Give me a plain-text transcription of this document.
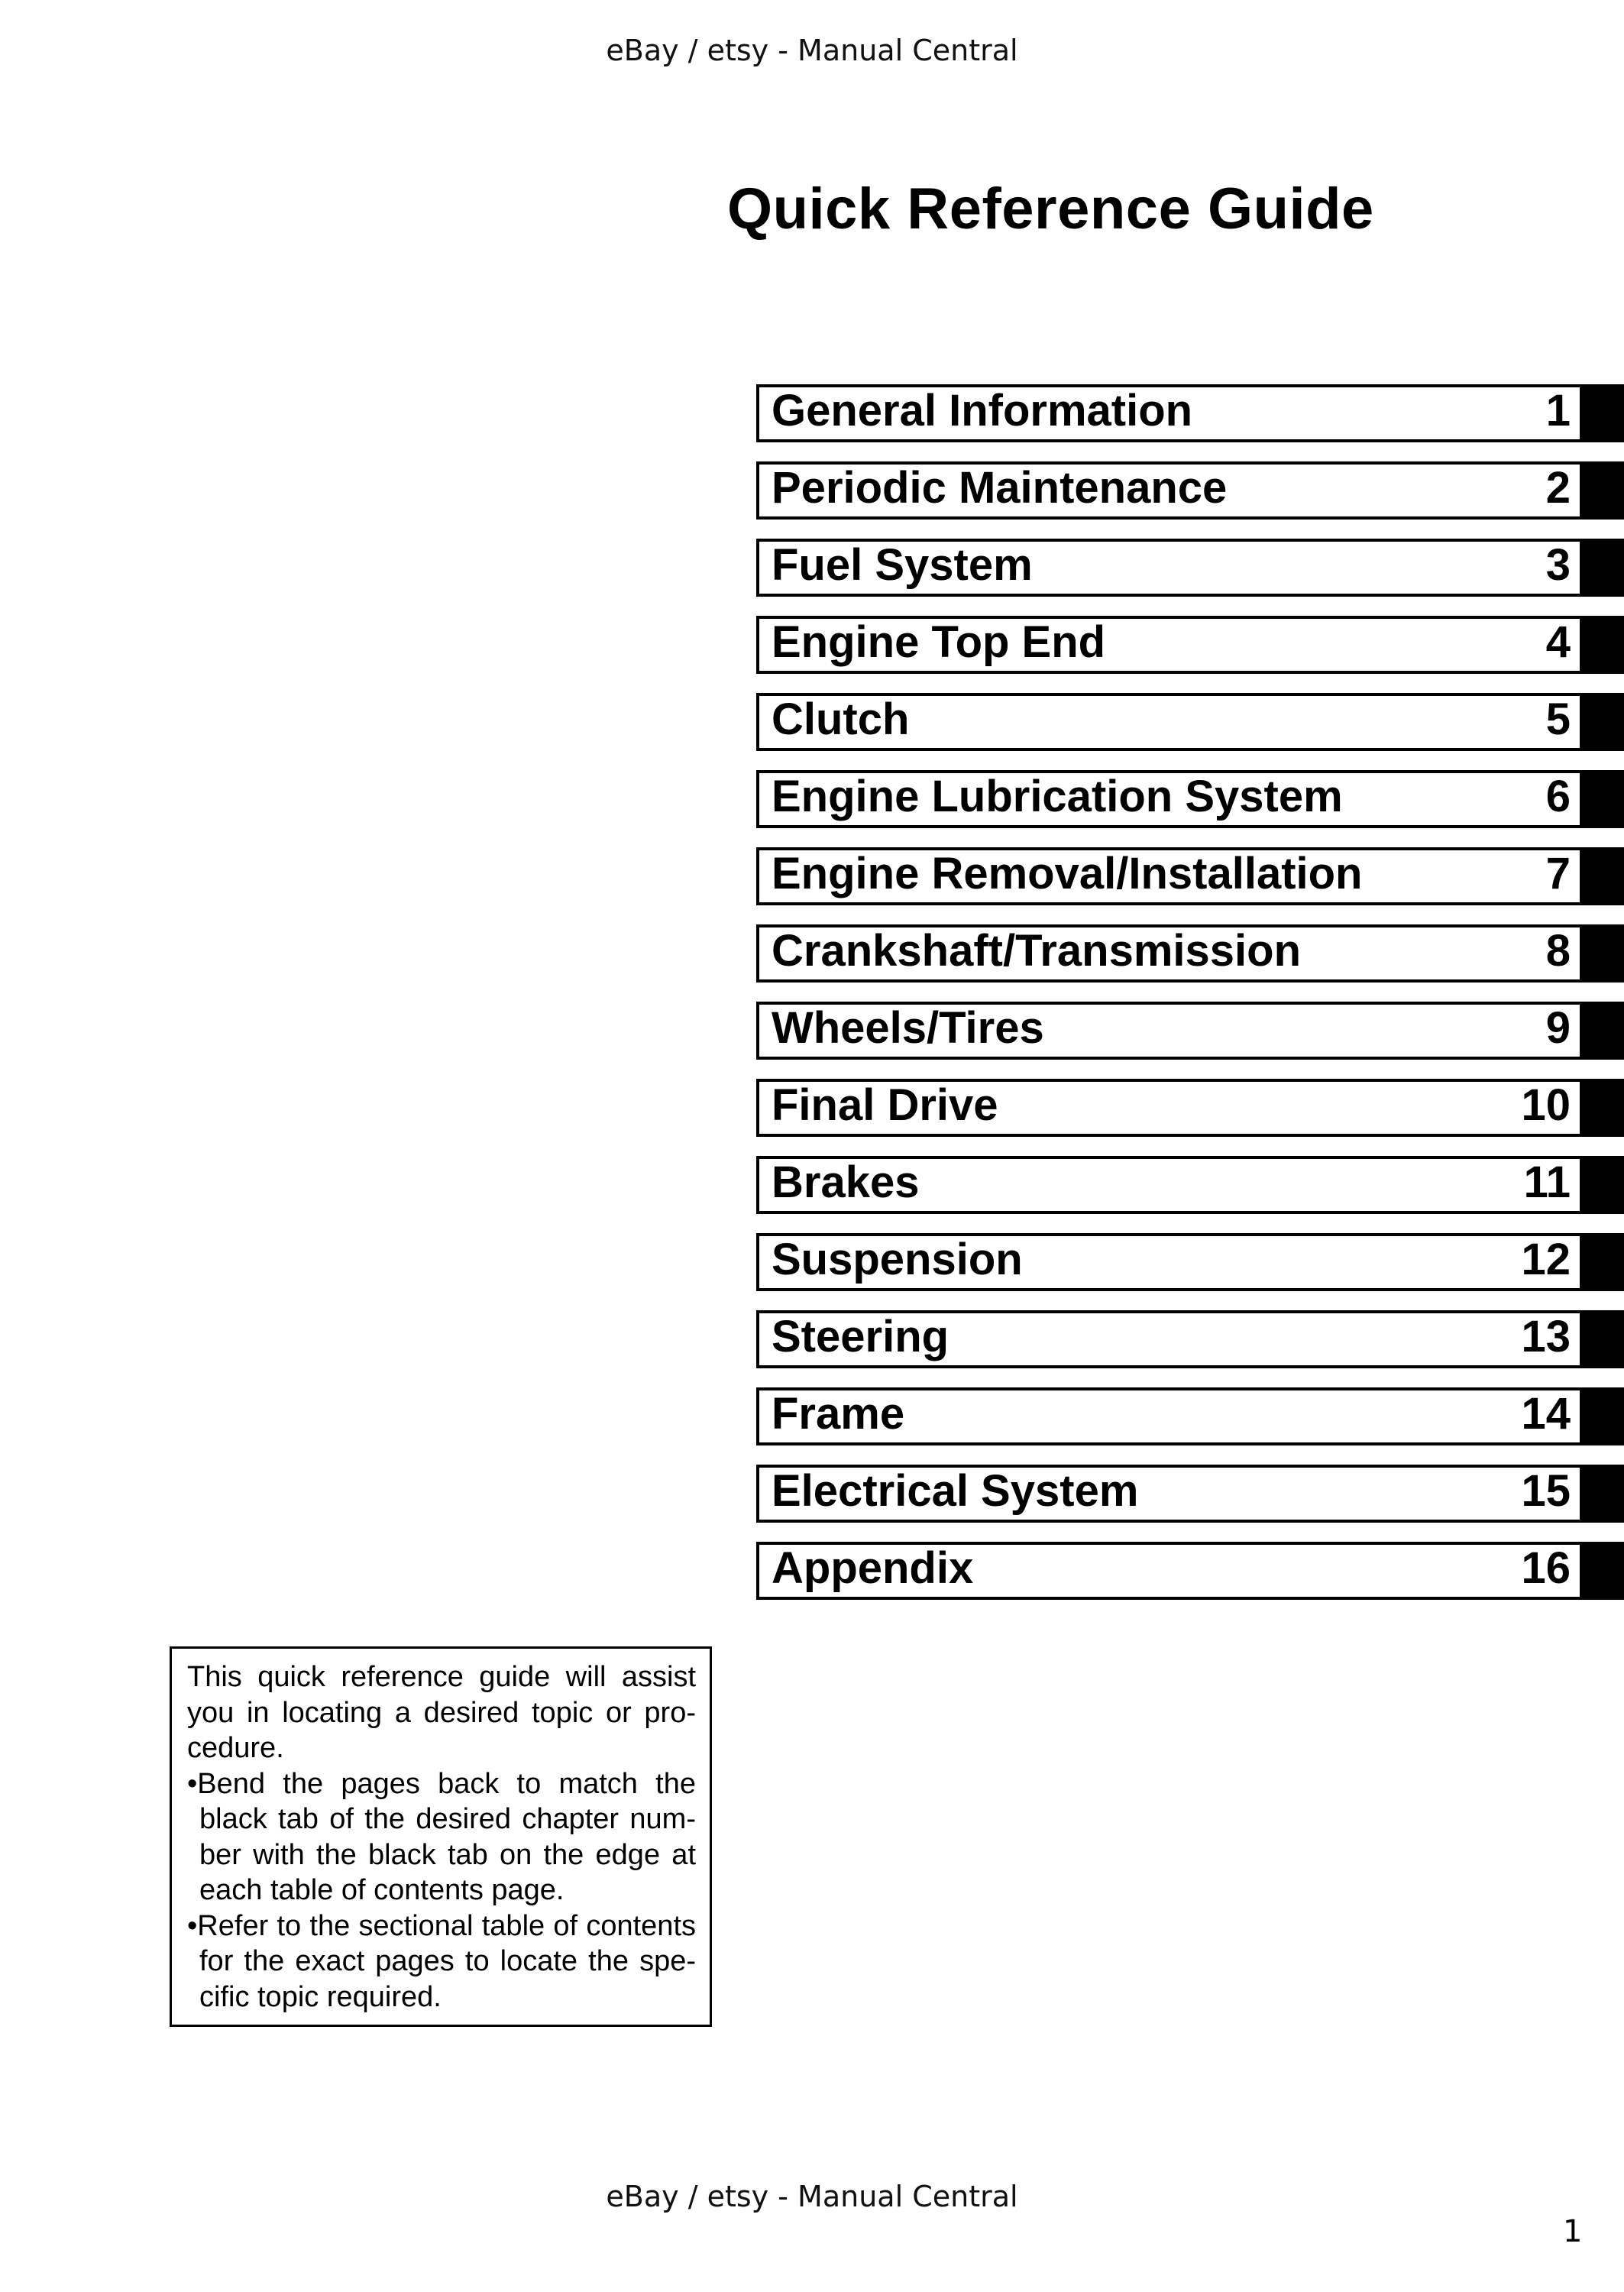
eBay / etsy - Manual Central
Quick Reference Guide
General Information	1
Periodic Maintenance	2
Fuel System	3
Engine Top End	4
Clutch	5
Engine Lubrication System	6
Engine Removal/Installation	7
Crankshaft/Transmission	8
Wheels/Tires	9
Final Drive	10
Brakes	11
Suspension	12
Steering	13
Frame	14
Electrical System	15
Appendix	16
This quick reference guide will assist
you in locating a desired topic or pro-
cedure.
•Bend the pages back to match the
black tab of the desired chapter num-
ber with the black tab on the edge at
each table of contents page.
•Refer to the sectional table of contents
for the exact pages to locate the spe-
cific topic required.
eBay / etsy - Manual Central
1
